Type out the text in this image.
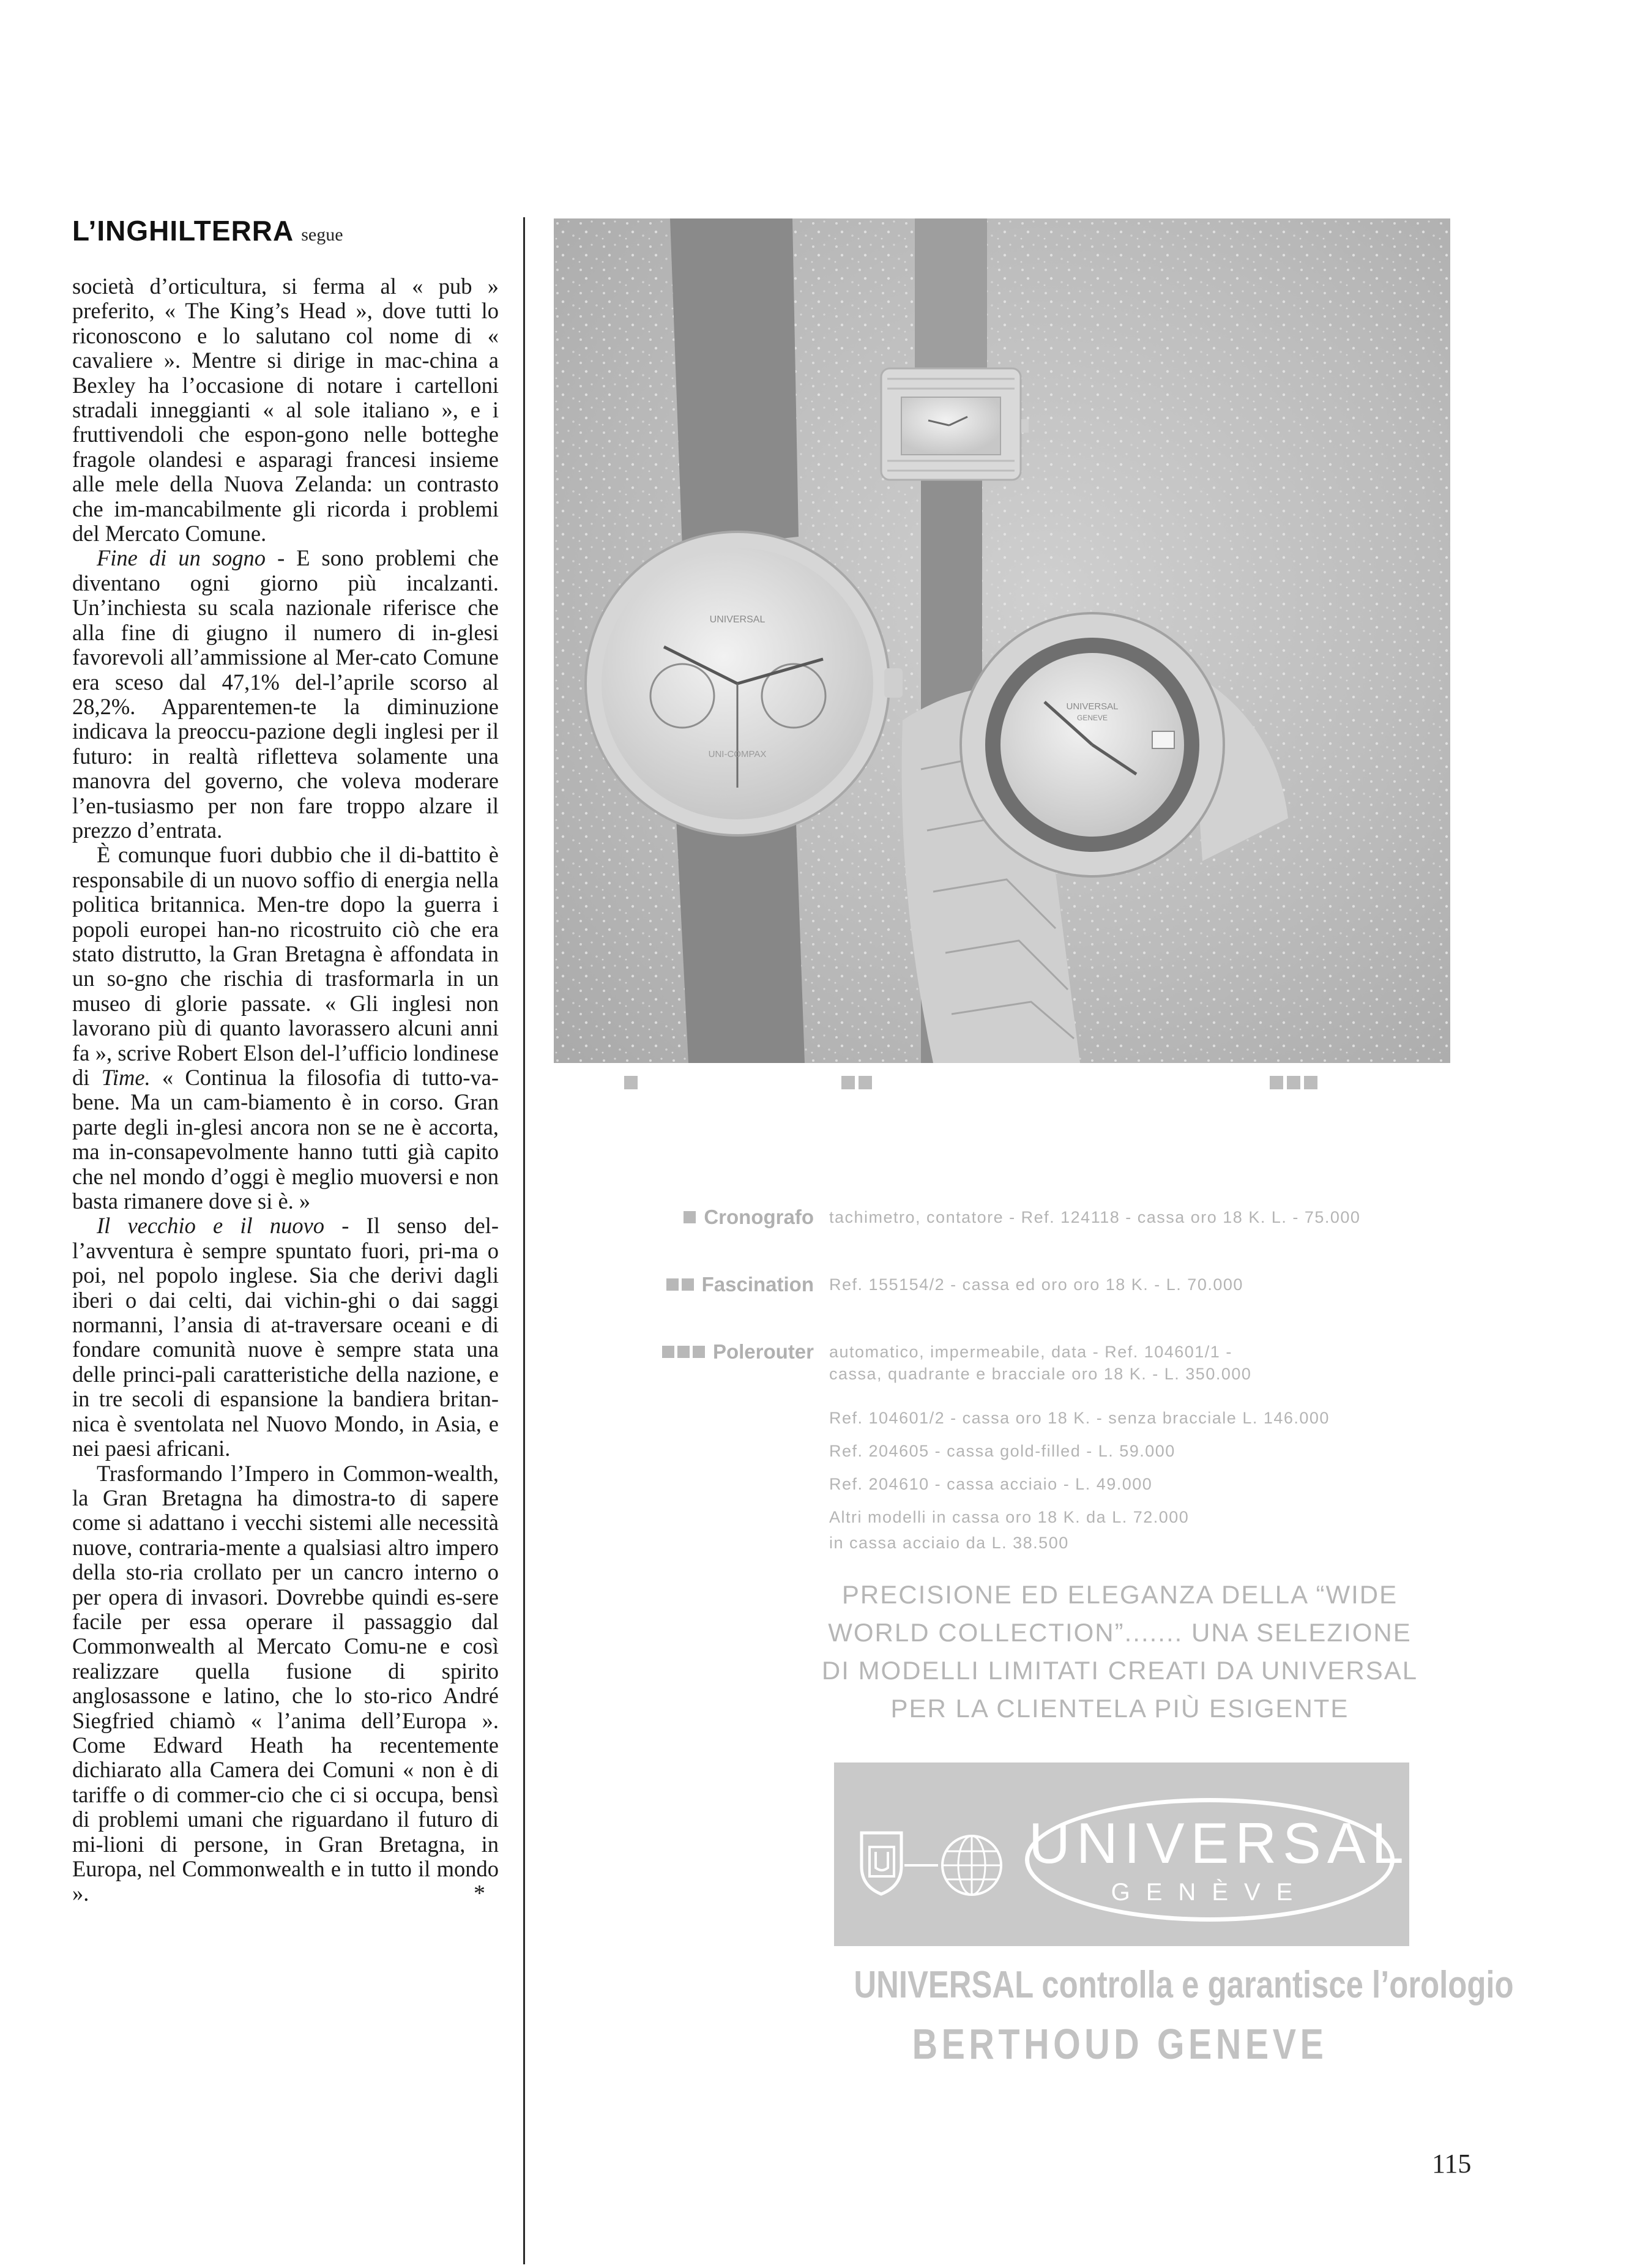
L’INGHILTERRA segue

società d’orticultura, si ferma al « pub » preferito, « The King’s Head », dove tutti lo riconoscono e lo salutano col nome di « cavaliere ». Mentre si dirige in mac-china a Bexley ha l’occasione di notare i cartelloni stradali inneggianti « al sole italiano », e i fruttivendoli che espon-gono nelle botteghe fragole olandesi e asparagi francesi insieme alle mele della Nuova Zelanda: un contrasto che im-mancabilmente gli ricorda i problemi del Mercato Comune.

Fine di un sogno - E sono problemi che diventano ogni giorno più incalzanti. Un’inchiesta su scala nazionale riferisce che alla fine di giugno il numero di in-glesi favorevoli all’ammissione al Mer-cato Comune era sceso dal 47,1% del-l’aprile scorso al 28,2%. Apparentemen-te la diminuzione indicava la preoccu-pazione degli inglesi per il futuro: in realtà rifletteva solamente una manovra del governo, che voleva moderare l’en-tusiasmo per non fare troppo alzare il prezzo d’entrata.

È comunque fuori dubbio che il di-battito è responsabile di un nuovo soffio di energia nella politica britannica. Men-tre dopo la guerra i popoli europei han-no ricostruito ciò che era stato distrutto, la Gran Bretagna è affondata in un so-gno che rischia di trasformarla in un museo di glorie passate. « Gli inglesi non lavorano più di quanto lavorassero alcuni anni fa », scrive Robert Elson del-l’ufficio londinese di Time. « Continua la filosofia di tutto-va-bene. Ma un cam-biamento è in corso. Gran parte degli in-glesi ancora non se ne è accorta, ma in-consapevolmente hanno tutti già capito che nel mondo d’oggi è meglio muoversi e non basta rimanere dove si è. »

Il vecchio e il nuovo - Il senso del-l’avventura è sempre spuntato fuori, pri-ma o poi, nel popolo inglese. Sia che derivi dagli iberi o dai celti, dai vichin-ghi o dai saggi normanni, l’ansia di at-traversare oceani e di fondare comunità nuove è sempre stata una delle princi-pali caratteristiche della nazione, e in tre secoli di espansione la bandiera britan-nica è sventolata nel Nuovo Mondo, in Asia, e nei paesi africani.

Trasformando l’Impero in Common-wealth, la Gran Bretagna ha dimostra-to di sapere come si adattano i vecchi sistemi alle necessità nuove, contraria-mente a qualsiasi altro impero della sto-ria crollato per un cancro interno o per opera di invasori. Dovrebbe quindi es-sere facile per essa operare il passaggio dal Commonwealth al Mercato Comu-ne e così realizzare quella fusione di spirito anglosassone e latino, che lo sto-rico André Siegfried chiamò « l’anima dell’Europa ». Come Edward Heath ha recentemente dichiarato alla Camera dei Comuni « non è di tariffe o di commer-cio che ci si occupa, bensì di problemi umani che riguardano il futuro di mi-lioni di persone, in Gran Bretagna, in Europa, nel Commonwealth e in tutto il mondo ».	*

UNIVERSAL
UNI-COMPAX
UNIVERSAL
GENEVE
Cronografo tachimetro, contatore - Ref. 124118 - cassa oro 18 K. L. - 75.000
Fascination Ref. 155154/2 - cassa ed oro oro 18 K. - L. 70.000
Polerouter automatico, impermeabile, data - Ref. 104601/1 -
cassa, quadrante e bracciale oro 18 K. - L. 350.000
Ref. 104601/2 - cassa oro 18 K. - senza bracciale L. 146.000
Ref. 204605 - cassa gold-filled - L. 59.000
Ref. 204610 - cassa acciaio - L. 49.000
Altri modelli in cassa oro 18 K. da L. 72.000
in cassa acciaio da L. 38.500
PRECISIONE ED ELEGANZA DELLA “WIDE
WORLD COLLECTION”....... UNA SELEZIONE
DI MODELLI LIMITATI CREATI DA UNIVERSAL
PER LA CLIENTELA PIÙ ESIGENTE
UNIVERSAL
GENÈVE
UNIVERSAL controlla e garantisce l’orologio
BERTHOUD GENEVE
115
